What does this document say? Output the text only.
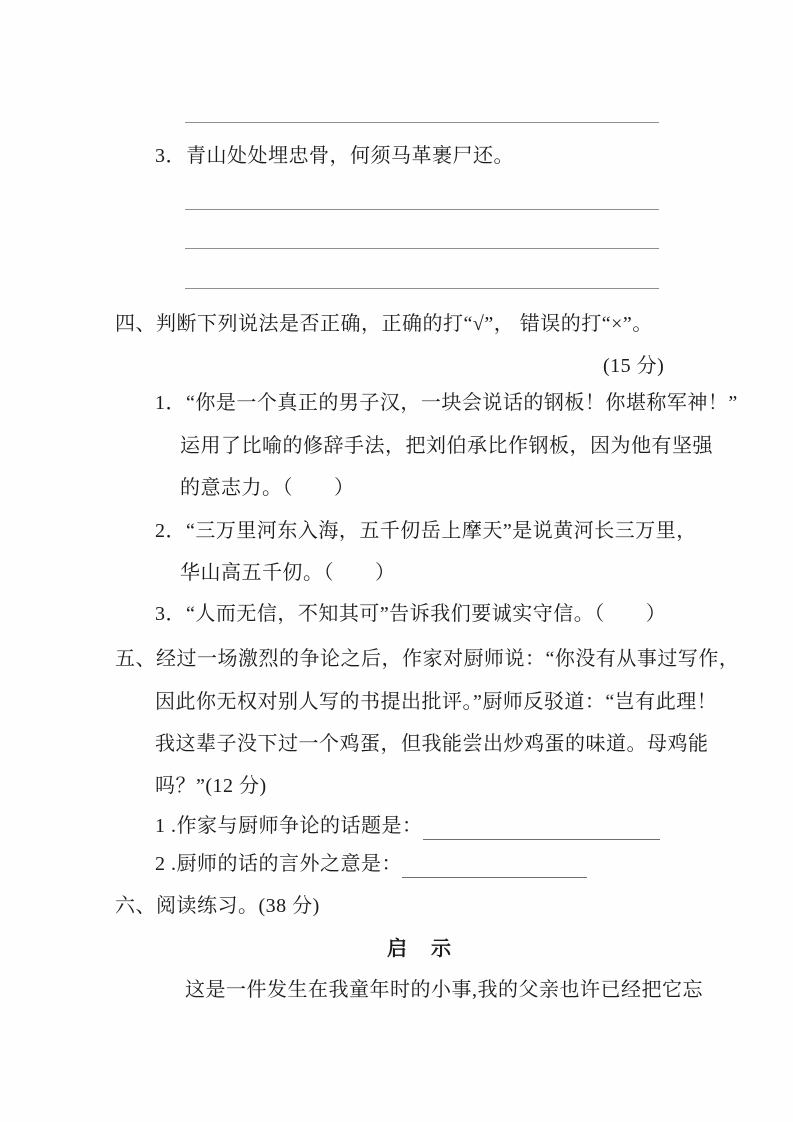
3．青山处处埋忠骨，何须马革裹尸还。
四、判断下列说法是否正确，正确的打“√”， 错误的打“×”。
(15 分)
1．“你是一个真正的男子汉，一块会说话的钢板！你堪称军神！”
运用了比喻的修辞手法，把刘伯承比作钢板，因为他有坚强
的意志力。（　　）
2．“三万里河东入海，五千仞岳上摩天”是说黄河长三万里，
华山高五千仞。（　　）
3．“人而无信，不知其可”告诉我们要诚实守信。（　　）
五、经过一场激烈的争论之后，作家对厨师说：“你没有从事过写作，
因此你无权对别人写的书提出批评。”厨师反驳道：“岂有此理！
我这辈子没下过一个鸡蛋，但我能尝出炒鸡蛋的味道。母鸡能
吗？”(12 分)
1 .作家与厨师争论的话题是：
2 .厨师的话的言外之意是：
六、阅读练习。(38 分)
启　示
这是一件发生在我童年时的小事,我的父亲也许已经把它忘
